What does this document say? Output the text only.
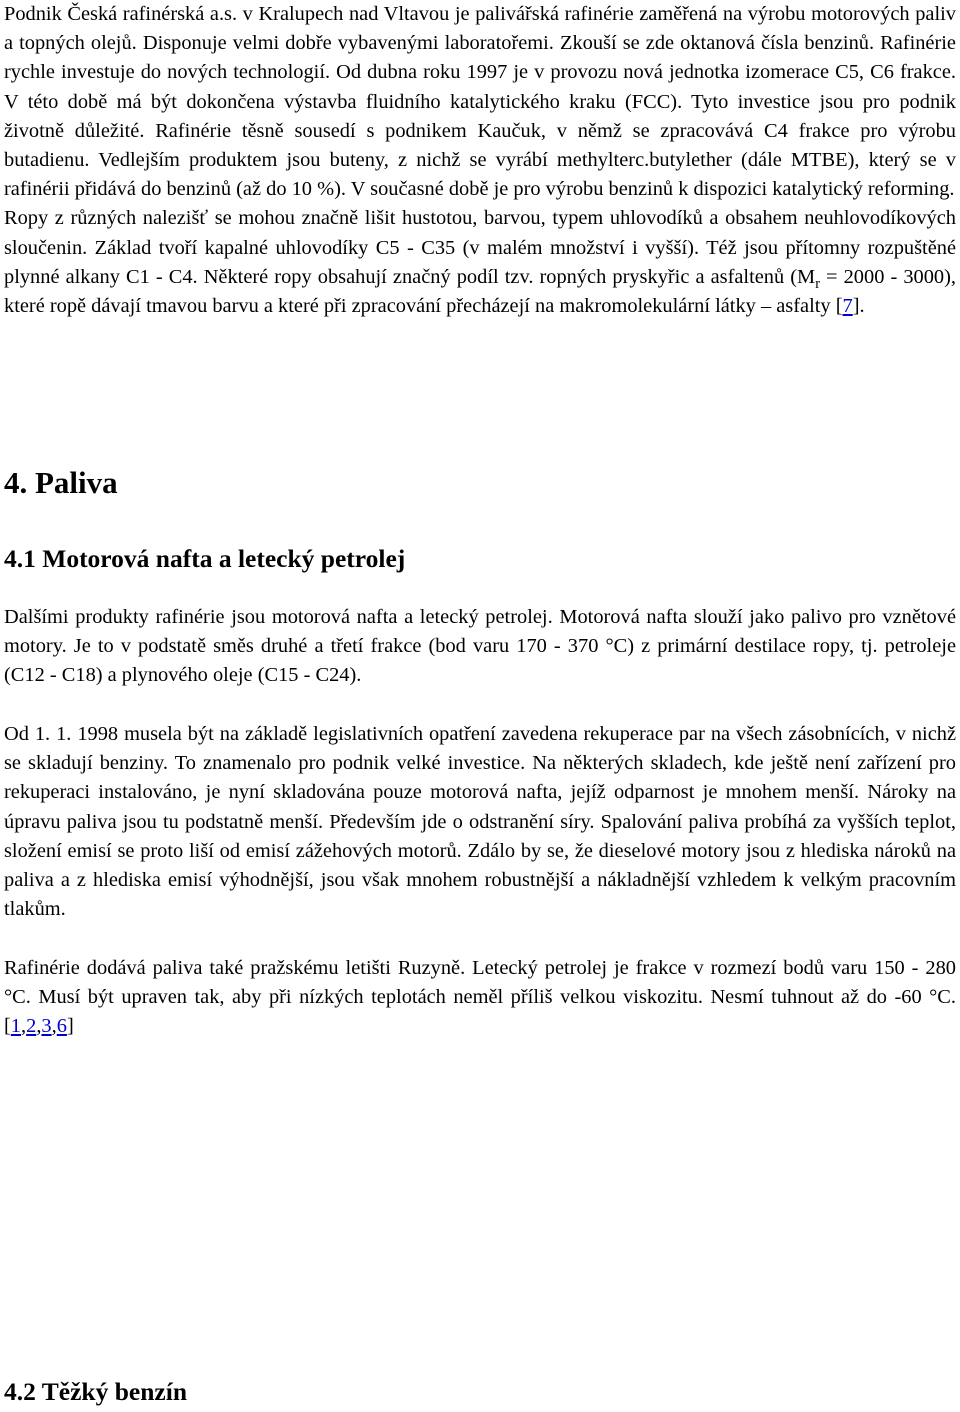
Podnik Česká rafinérská a.s. v Kralupech nad Vltavou je palivářská rafinérie zaměřená na výrobu motorových paliv a topných olejů. Disponuje velmi dobře vybavenými laboratořemi. Zkouší se zde oktanová čísla benzinů. Rafinérie rychle investuje do nových technologií. Od dubna roku 1997 je v provozu nová jednotka izomerace C5, C6 frakce. V této době má být dokončena výstavba fluidního katalytického kraku (FCC). Tyto investice jsou pro podnik životně důležité. Rafinérie těsně sousedí s podnikem Kaučuk, v němž se zpracovává C4 frakce pro výrobu butadienu. Vedlejším produktem jsou buteny, z nichž se vyrábí methylterc.butylether (dále MTBE), který se v rafinérii přidává do benzinů (až do 10 %). V současné době je pro výrobu benzinů k dispozici katalytický reforming.

Ropy z různých nalezišť se mohou značně lišit hustotou, barvou, typem uhlovodíků a obsahem neuhlovodíkových sloučenin. Základ tvoří kapalné uhlovodíky C5 - C35 (v malém množství i vyšší). Též jsou přítomny rozpuštěné plynné alkany C1 - C4. Některé ropy obsahují značný podíl tzv. ropných pryskyřic a asfaltenů $(M_r = 2000 - 3000)$, které ropě dávají tmavou barvu a které při zpracování přecházejí na makromolekulární látky – asfalty [7].

4. Paliva
4.1 Motorová nafta a letecký petrolej

Dalšími produkty rafinérie jsou motorová nafta a letecký petrolej. Motorová nafta slouží jako palivo pro vznětové motory. Je to v podstatě směs druhé a třetí frakce (bod varu 170 - 370 °C) z primární destilace ropy, tj. petroleje (C12 - C18) a plynového oleje (C15 - C24).

Od 1. 1. 1998 musela být na základě legislativních opatření zavedena rekuperace par na všech zásobnících, v nichž se skladují benziny. To znamenalo pro podnik velké investice. Na některých skladech, kde ještě není zařízení pro rekuperaci instalováno, je nyní skladována pouze motorová nafta, jejíž odparnost je mnohem menší. Nároky na úpravu paliva jsou tu podstatně menší. Především jde o odstranění síry. Spalování paliva probíhá za vyšších teplot, složení emisí se proto liší od emisí zážehových motorů. Zdálo by se, že dieselové motory jsou z hlediska nároků na paliva a z hlediska emisí výhodnější, jsou však mnohem robustnější a nákladnější vzhledem k velkým pracovním tlakům.

Rafinérie dodává paliva také pražskému letišti Ruzyně. Letecký petrolej je frakce v rozmezí bodů varu 150 - 280 °C. Musí být upraven tak, aby při nízkých teplotách neměl příliš velkou viskozitu. Nesmí tuhnout až do -60 °C.[1,2,3,6]

4.2 Těžký benzín
